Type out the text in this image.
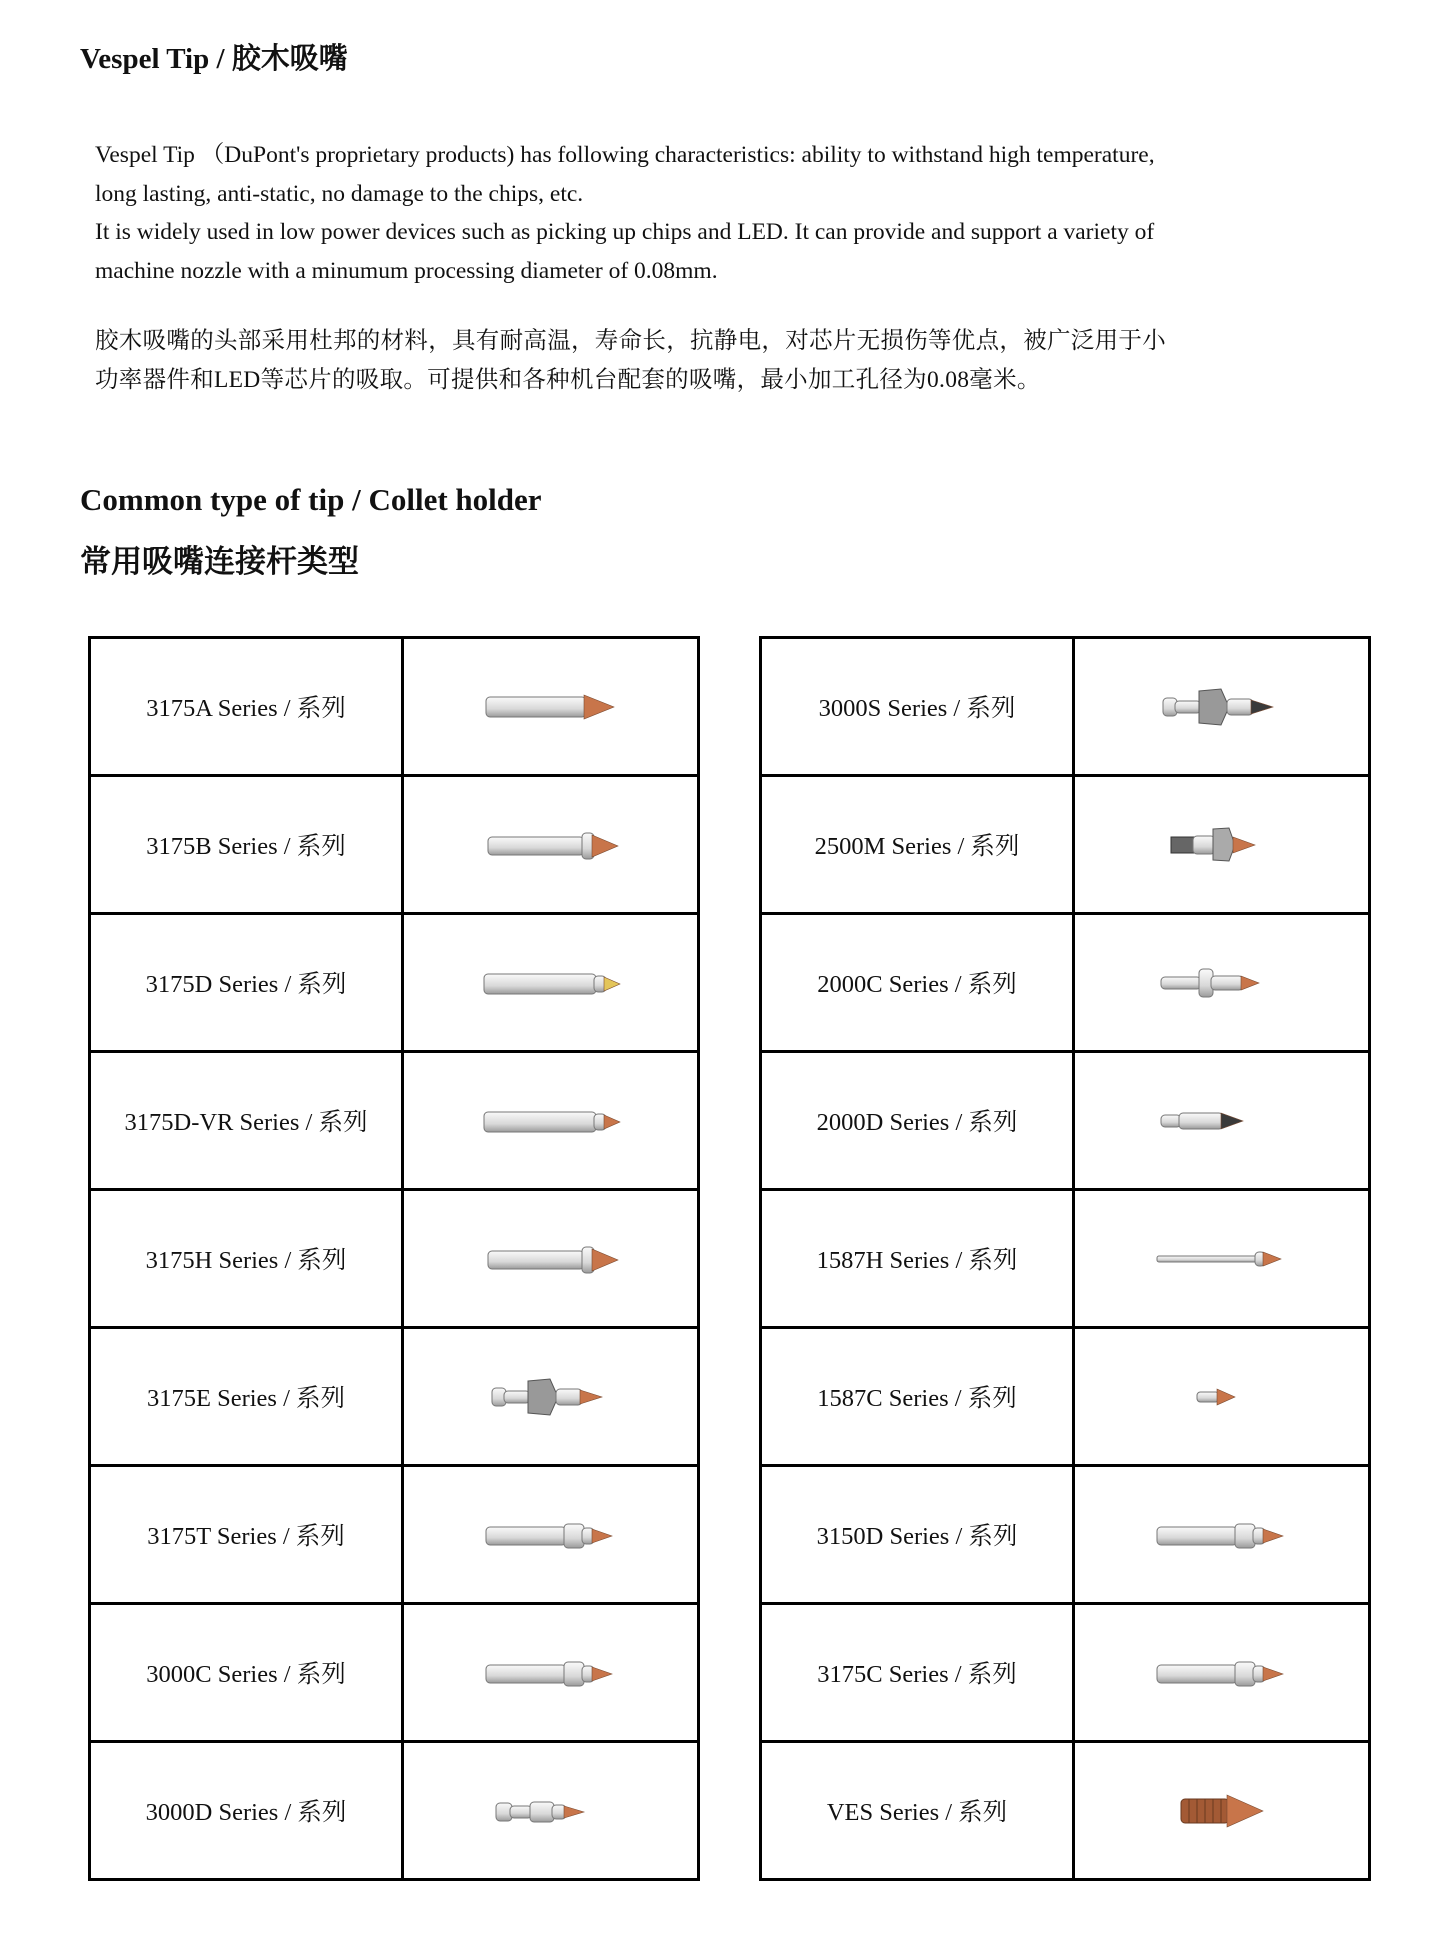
Vespel Tip / 胶木吸嘴
Vespel Tip （DuPont's proprietary products) has following characteristics: ability to withstand high temperature,
long lasting, anti-static, no damage to the chips, etc.
It is widely used in low power devices such as picking up chips and LED. It can provide and support a variety of
machine nozzle with a minumum processing diameter of 0.08mm.
胶木吸嘴的头部采用杜邦的材料，具有耐高温，寿命长，抗静电，对芯片无损伤等优点，被广泛用于小
功率器件和LED等芯片的吸取。可提供和各种机台配套的吸嘴，最小加工孔径为0.08毫米。
Common type of tip / Collet holder
常用吸嘴连接杆类型
3175A Series / 系列	

3175B Series / 系列	

3175D Series / 系列	

3175D-VR Series / 系列	

3175H Series / 系列	

3175E Series / 系列	

3175T Series / 系列	

3000C Series / 系列	

3000D Series / 系列	
3000S Series / 系列	

2500M Series / 系列	

2000C Series / 系列	

2000D Series / 系列	

1587H Series / 系列	

1587C Series / 系列	

3150D Series / 系列	

3175C Series / 系列	

VES Series / 系列	
